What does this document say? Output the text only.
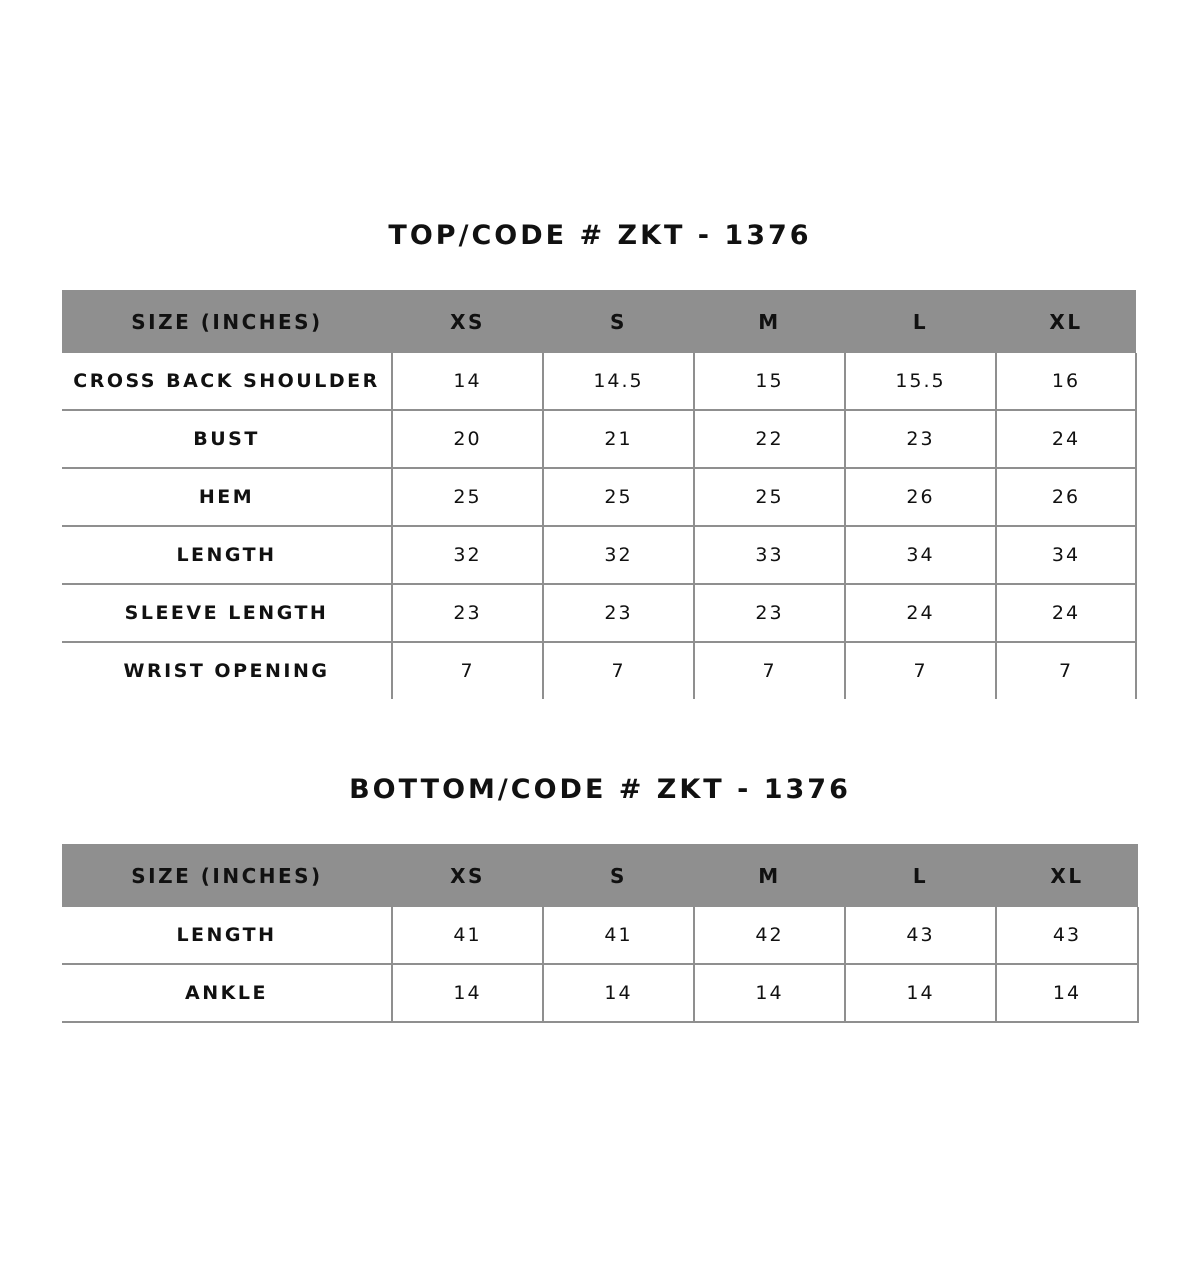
TOP/CODE # ZKT - 1376
SIZE (INCHES)	XS	S	M	L	XL
CROSS BACK SHOULDER	14	14.5	15	15.5	16
BUST	20	21	22	23	24
HEM	25	25	25	26	26
LENGTH	32	32	33	34	34
SLEEVE LENGTH	23	23	23	24	24
WRIST OPENING	7	7	7	7	7
BOTTOM/CODE # ZKT - 1376
SIZE (INCHES)	XS	S	M	L	XL
LENGTH	41	41	42	43	43
ANKLE	14	14	14	14	14
